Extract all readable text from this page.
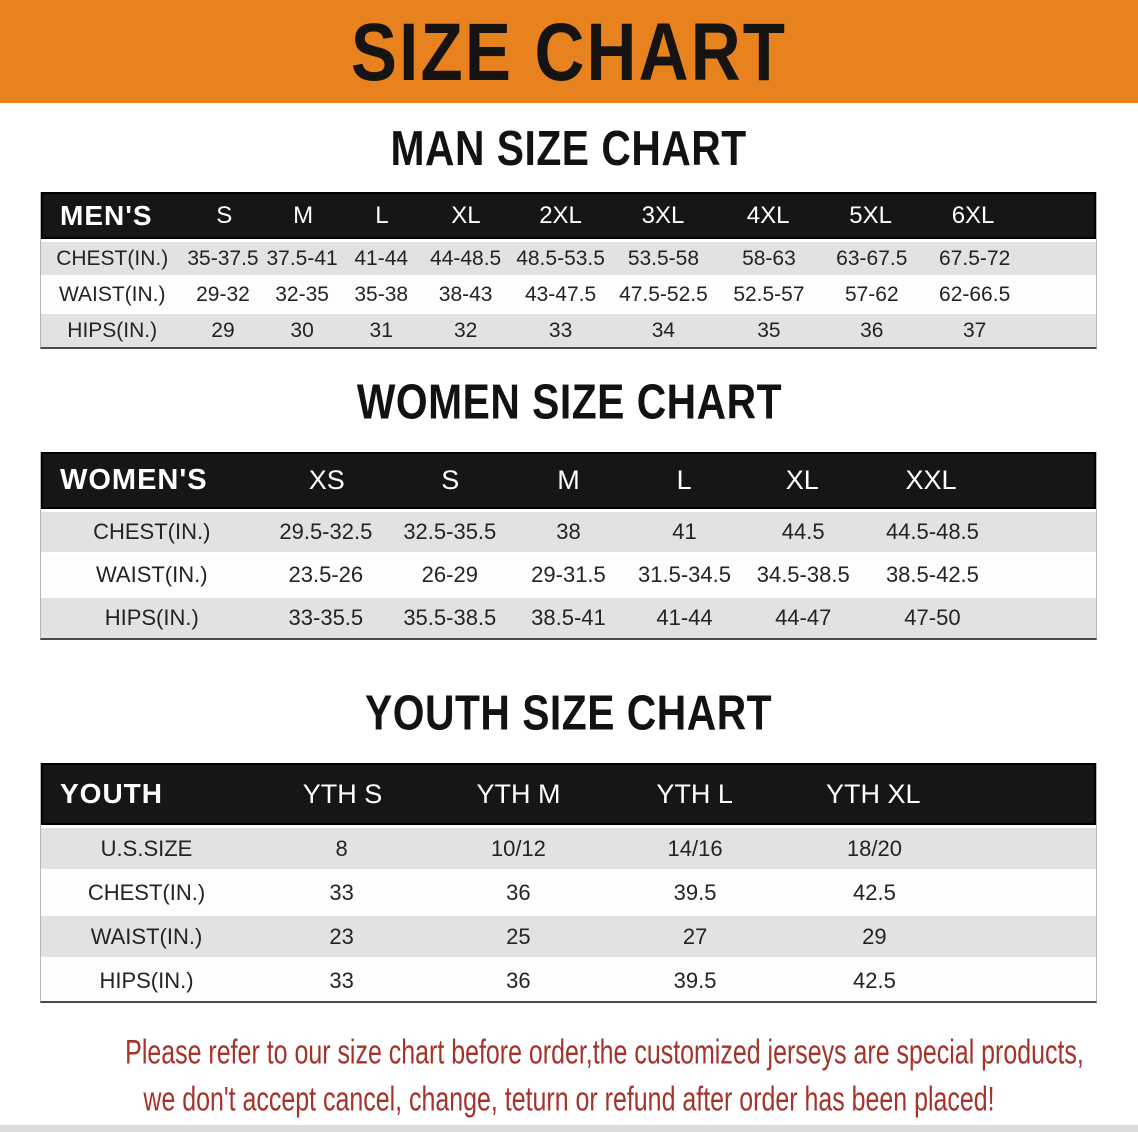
SIZE CHART
MAN SIZE CHART
MEN'S	S	M	L	XL	2XL	3XL	4XL	5XL	6XL
CHEST(IN.) 35-37.5 37.5-41 41-44	44-48.5 48.5-53.5	53.5-58	58-63	63-67.5	67.5-72
WAIST(IN.)	29-32	32-35	35-38	38-43	43-47.5	47.5-52.5	52.5-57	57-62	62-66.5
HIPS(IN.)	29	30	31	32	33	34	35	36	37
WOMEN SIZE CHART
WOMEN'S	XS	S	M	L	XL	XXL
CHEST(IN.)	29.5-32.5	32.5-35.5	38	41	44.5	44.5-48.5
WAIST(IN.)	23.5-26	26-29	29-31.5	31.5-34.5	34.5-38.5	38.5-42.5
HIPS(IN.)	33-35.5	35.5-38.5	38.5-41	41-44	44-47	47-50
YOUTH SIZE CHART
YOUTH	YTH S	YTH M	YTH L	YTH XL
U.S.SIZE	8	10/12	14/16	18/20
CHEST(IN.)	33	36	39.5	42.5
WAIST(IN.)	23	25	27	29
HIPS(IN.)	33	36	39.5	42.5

Please refer to our size chart before order,the customized jerseys are special products,

we don't accept cancel, change, teturn or refund after order has been placed!
